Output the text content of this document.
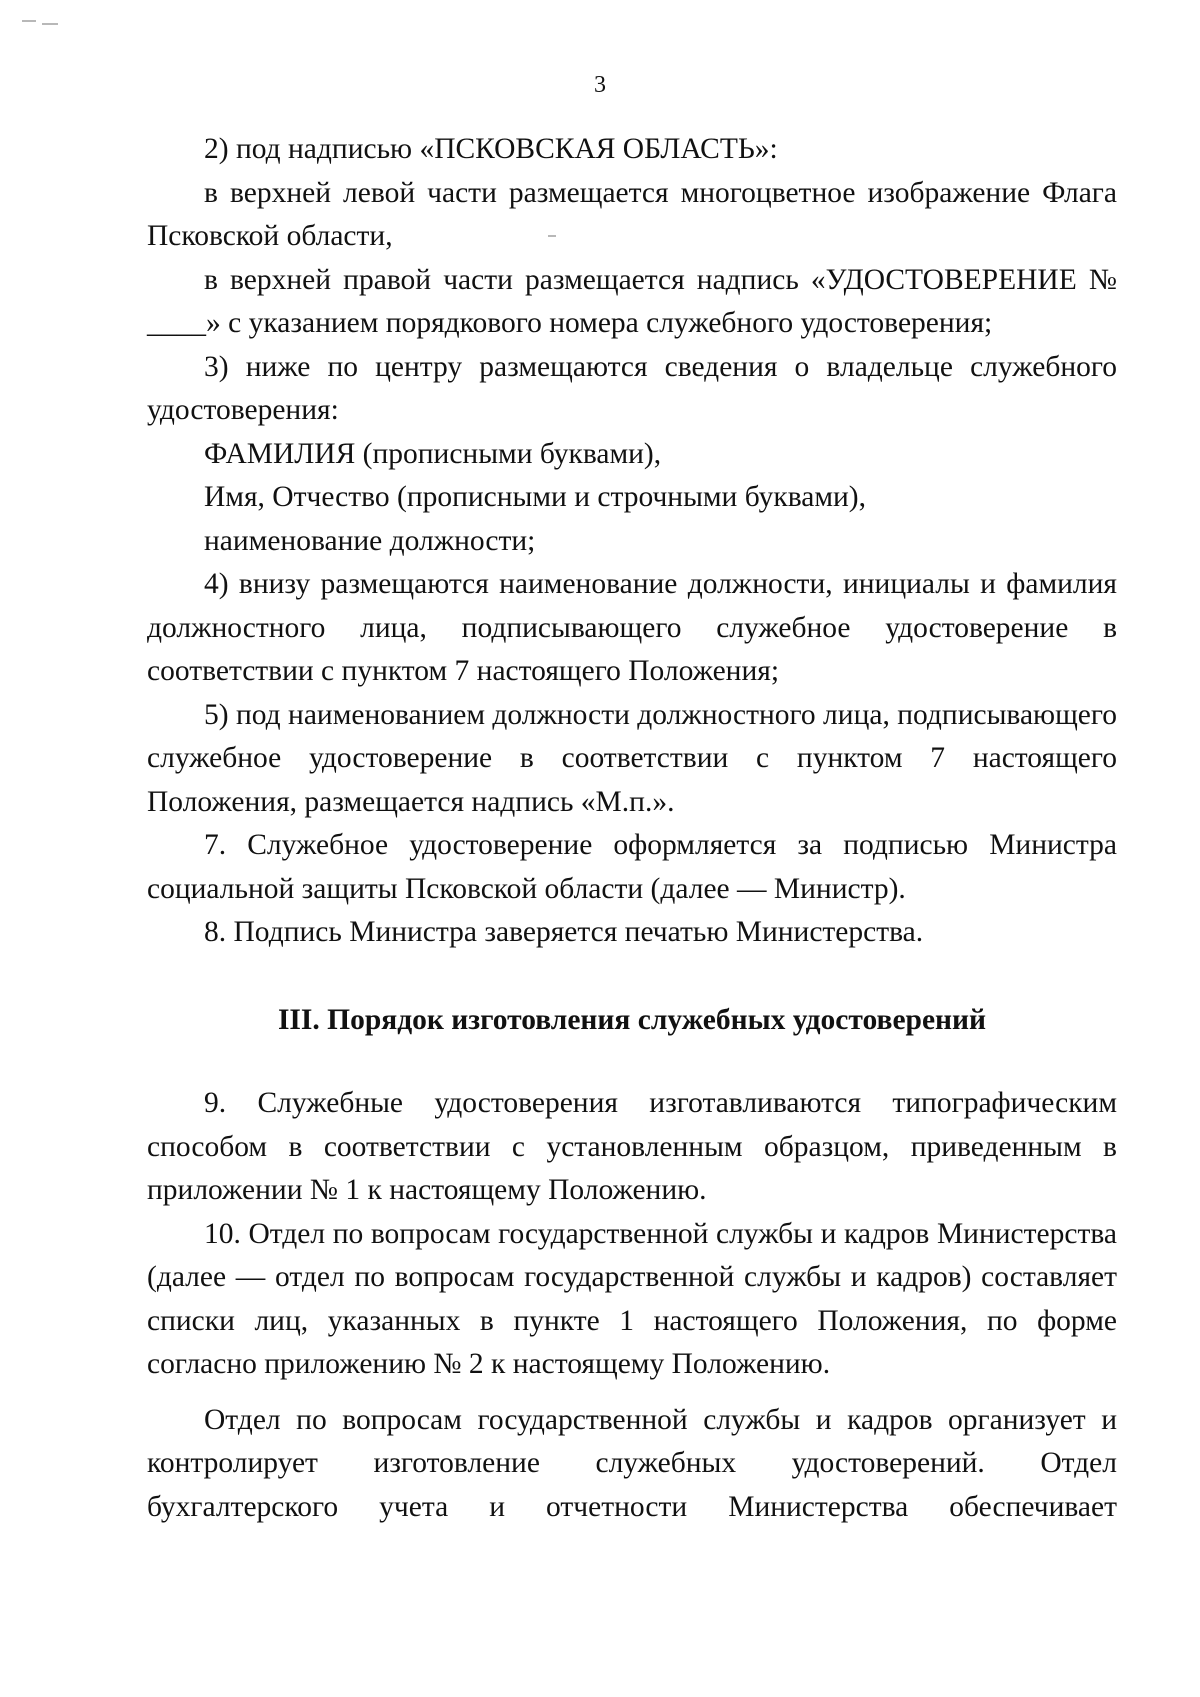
3

2) под надписью «ПСКОВСКАЯ ОБЛАСТЬ»:

в верхней левой части размещается многоцветное изображение Флага Псковской области,

в верхней правой части размещается надпись «УДОСТОВЕРЕНИЕ № ____» с указанием порядкового номера служебного удостоверения;

3) ниже по центру размещаются сведения о владельце служебного удостоверения:

ФАМИЛИЯ (прописными буквами),

Имя, Отчество (прописными и строчными буквами),

наименование должности;

4) внизу размещаются наименование должности, инициалы и фамилия должностного лица, подписывающего служебное удостоверение в соответствии с пунктом 7 настоящего Положения;

5) под наименованием должности должностного лица, подписывающего служебное удостоверение в соответствии с пунктом 7 настоящего Положения, размещается надпись «М.п.».

7. Служебное удостоверение оформляется за подписью Министра социальной защиты Псковской области (далее — Министр).

8. Подпись Министра заверяется печатью Министерства.

III. Порядок изготовления служебных удостоверений

9. Служебные удостоверения изготавливаются типографическим способом в соответствии с установленным образцом, приведенным в приложении № 1 к настоящему Положению.

10. Отдел по вопросам государственной службы и кадров Министерства (далее — отдел по вопросам государственной службы и кадров) составляет списки лиц, указанных в пункте 1 настоящего Положения, по форме согласно приложению № 2 к настоящему Положению.

Отдел по вопросам государственной службы и кадров организует и контролирует изготовление служебных удостоверений. Отдел бухгалтерского учета и отчетности Министерства обеспечивает
